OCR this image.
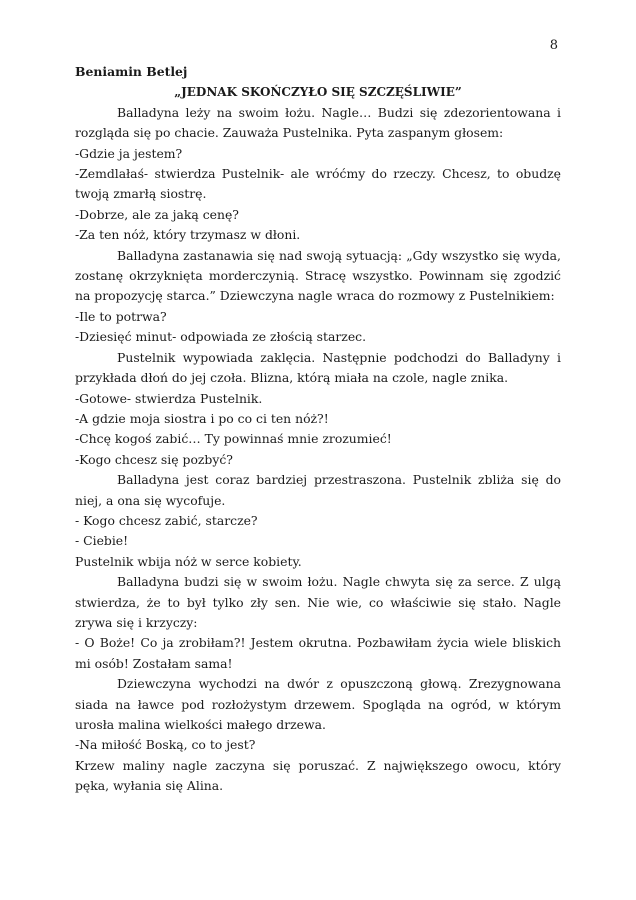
8

Beniamin Betlej

„JEDNAK SKOŃCZYŁO SIĘ SZCZĘŚLIWIE”

Balladyna leży na swoim łożu. Nagle… Budzi się zdezorientowana i rozgląda się po chacie. Zauważa Pustelnika. Pyta zaspanym głosem:

-Gdzie ja jestem?

-Zemdlałaś- stwierdza Pustelnik- ale wróćmy do rzeczy. Chcesz, to obudzę twoją zmarłą siostrę.

-Dobrze, ale za jaką cenę?

-Za ten nóż, który trzymasz w dłoni.

Balladyna zastanawia się nad swoją sytuacją: „Gdy wszystko się wyda, zostanę okrzyknięta morderczynią. Stracę wszystko. Powinnam się zgodzić na propozycję starca.” Dziewczyna nagle wraca do rozmowy z Pustelnikiem:

-Ile to potrwa?

-Dziesięć minut- odpowiada ze złością starzec.

Pustelnik wypowiada zaklęcia. Następnie podchodzi do Balladyny i przykłada dłoń do jej czoła. Blizna, którą miała na czole, nagle znika.

-Gotowe- stwierdza Pustelnik.

-A gdzie moja siostra i po co ci ten nóż?!

-Chcę kogoś zabić… Ty powinnaś mnie zrozumieć!

-Kogo chcesz się pozbyć?

Balladyna jest coraz bardziej przestraszona. Pustelnik zbliża się do niej, a ona się wycofuje.

- Kogo chcesz zabić, starcze?

- Ciebie!

Pustelnik wbija nóż w serce kobiety.

Balladyna budzi się w swoim łożu. Nagle chwyta się za serce. Z ulgą stwierdza, że to był tylko zły sen. Nie wie, co właściwie się stało. Nagle zrywa się i krzyczy:

- O Boże! Co ja zrobiłam?! Jestem okrutna. Pozbawiłam życia wiele bliskich mi osób! Zostałam sama!

Dziewczyna wychodzi na dwór z opuszczoną głową. Zrezygnowana siada na ławce pod rozłożystym drzewem. Spogląda na ogród, w którym urosła malina wielkości małego drzewa.

-Na miłość Boską, co to jest?

Krzew maliny nagle zaczyna się poruszać. Z największego owocu, który pęka, wyłania się Alina.
